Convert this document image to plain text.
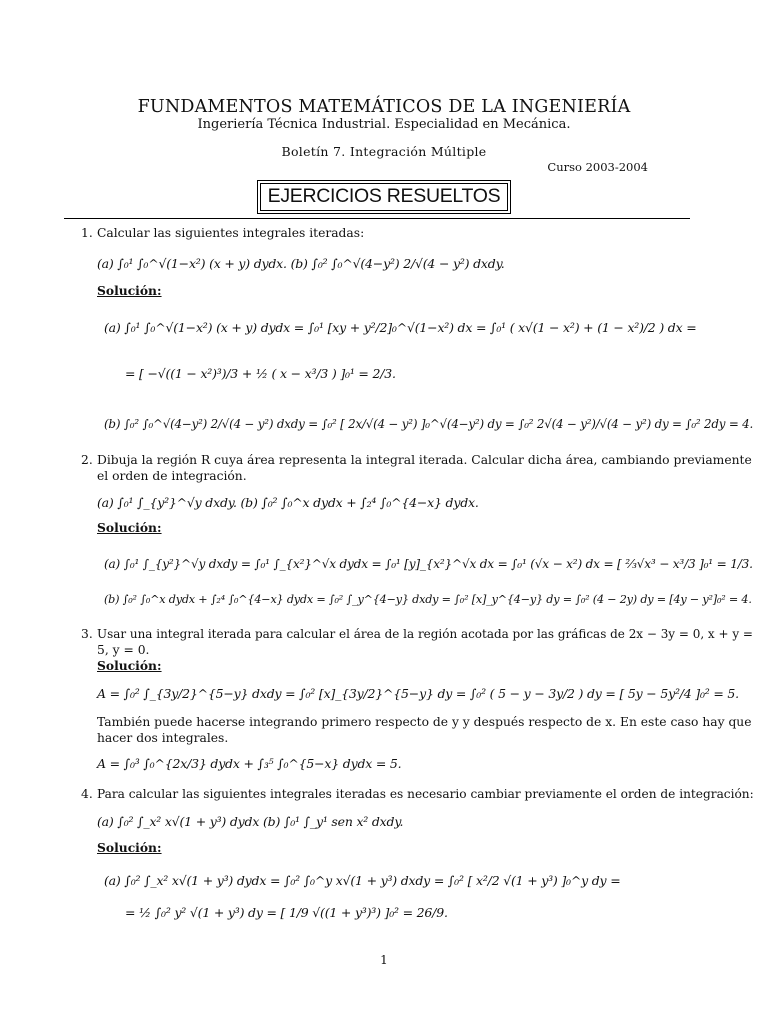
FUNDAMENTOS MATEMÁTICOS DE LA INGENIERÍA
Ingeriería Técnica Industrial. Especialidad en Mecánica.
Boletín 7. Integración Múltiple
Curso 2003-2004
EJERCICIOS RESUELTOS
1. Calcular las siguientes integrales iteradas:
(a) ∫₀¹ ∫₀^√(1−x²) (x + y) dydx. (b) ∫₀² ∫₀^√(4−y²) 2/√(4 − y²) dxdy.
Solución:
(a) ∫₀¹ ∫₀^√(1−x²) (x + y) dydx = ∫₀¹ [xy + y²/2]₀^√(1−x²) dx = ∫₀¹ ( x√(1 − x²) + (1 − x²)/2 ) dx =
= [ −√((1 − x²)³)/3 + ½ ( x − x³/3 ) ]₀¹ = 2/3.
(b) ∫₀² ∫₀^√(4−y²) 2/√(4 − y²) dxdy = ∫₀² [ 2x/√(4 − y²) ]₀^√(4−y²) dy = ∫₀² 2√(4 − y²)/√(4 − y²) dy = ∫₀² 2dy = 4.
2. Dibuja la región R cuya área representa la integral iterada. Calcular dicha área, cambiando previamente
el orden de integración.
(a) ∫₀¹ ∫_{y²}^√y dxdy. (b) ∫₀² ∫₀^x dydx + ∫₂⁴ ∫₀^{4−x} dydx.
Solución:
(a) ∫₀¹ ∫_{y²}^√y dxdy = ∫₀¹ ∫_{x²}^√x dydx = ∫₀¹ [y]_{x²}^√x dx = ∫₀¹ (√x − x²) dx = [ ⅔√x³ − x³/3 ]₀¹ = 1/3.
(b) ∫₀² ∫₀^x dydx + ∫₂⁴ ∫₀^{4−x} dydx = ∫₀² ∫_y^{4−y} dxdy = ∫₀² [x]_y^{4−y} dy = ∫₀² (4 − 2y) dy = [4y − y²]₀² = 4.
3. Usar una integral iterada para calcular el área de la región acotada por las gráficas de 2x − 3y = 0, x + y =
5, y = 0.
Solución:
A = ∫₀² ∫_{3y/2}^{5−y} dxdy = ∫₀² [x]_{3y/2}^{5−y} dy = ∫₀² ( 5 − y − 3y/2 ) dy = [ 5y − 5y²/4 ]₀² = 5.
También puede hacerse integrando primero respecto de y y después respecto de x. En este caso hay que
hacer dos integrales.
A = ∫₀³ ∫₀^{2x/3} dydx + ∫₃⁵ ∫₀^{5−x} dydx = 5.
4. Para calcular las siguientes integrales iteradas es necesario cambiar previamente el orden de integración:
(a) ∫₀² ∫_x² x√(1 + y³) dydx (b) ∫₀¹ ∫_y¹ sen x² dxdy.
Solución:
(a) ∫₀² ∫_x² x√(1 + y³) dydx = ∫₀² ∫₀^y x√(1 + y³) dxdy = ∫₀² [ x²/2 √(1 + y³) ]₀^y dy =
= ½ ∫₀² y² √(1 + y³) dy = [ 1/9 √((1 + y³)³) ]₀² = 26/9.
1
